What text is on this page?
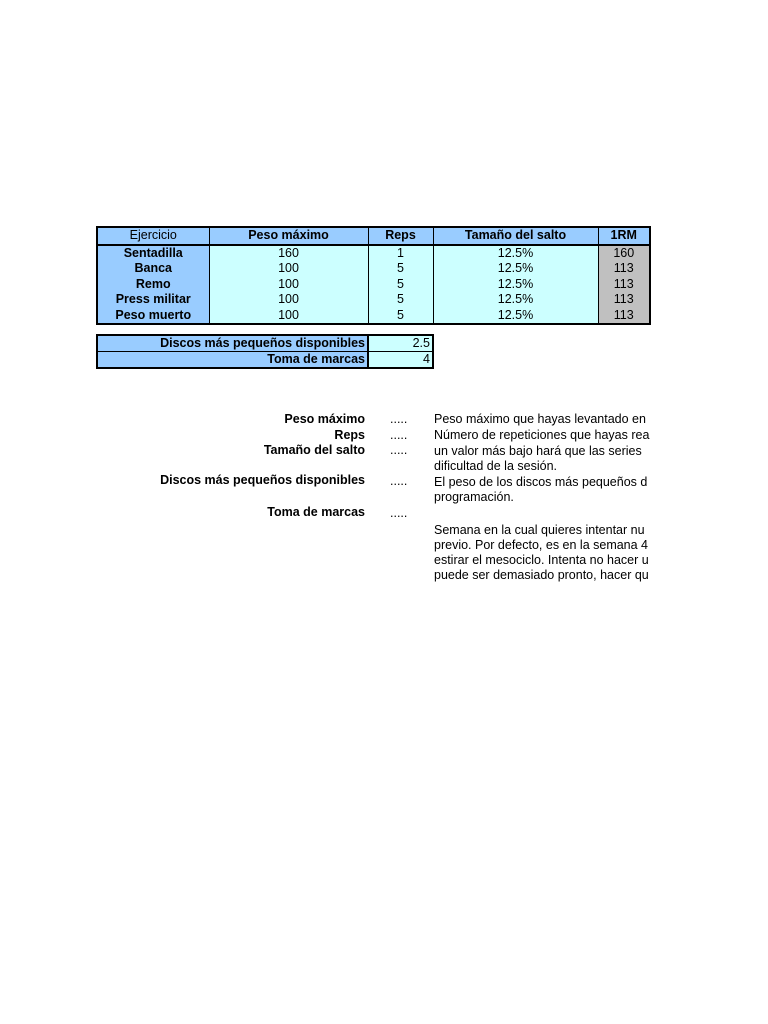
Ejercicio	Peso máximo	Reps	Tamaño del salto	1RM
Sentadilla	160	1	12.5%	160
Banca	100	5	12.5%	113
Remo	100	5	12.5%	113
Press militar	100	5	12.5%	113
Peso muerto	100	5	12.5%	113
Discos más pequeños disponibles	2.5
Toma de marcas	4
Peso máximo ..... Peso máximo que hayas levantado en
Reps ..... Número de repeticiones que hayas rea
Tamaño del salto ..... un valor más bajo hará que las series
dificultad de la sesión.
Discos más pequeños disponibles ..... El peso de los discos más pequeños d
programación.
Toma de marcas .....

Semana en la cual quieres intentar nu
previo. Por defecto, es en la semana 4
estirar el mesociclo. Intenta no hacer u
puede ser demasiado pronto, hacer qu
